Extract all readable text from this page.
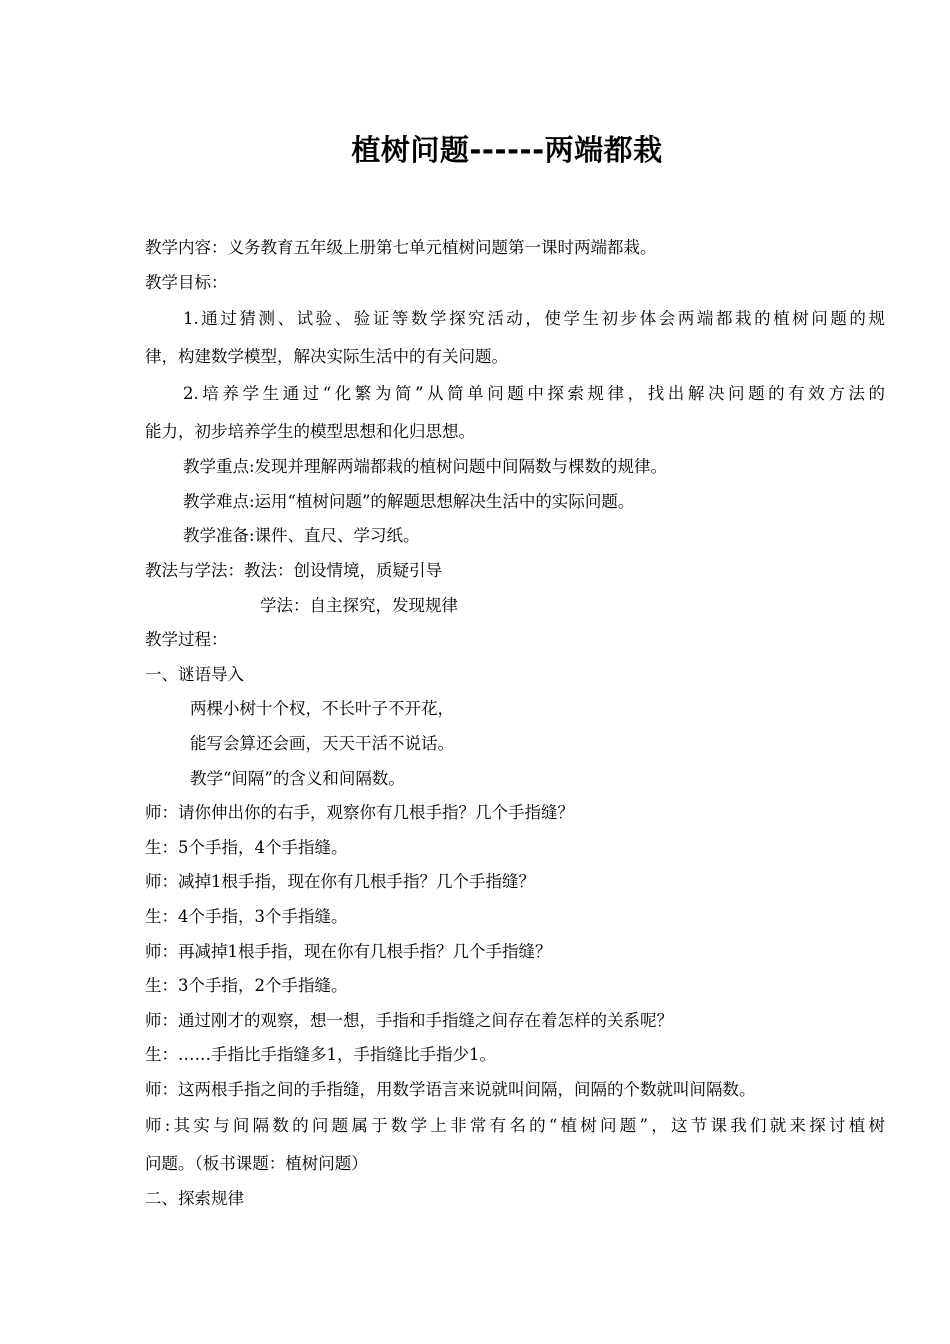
植树问题------两端都栽
教学内容：义务教育五年级上册第七单元植树问题第一课时两端都栽。
教学目标：
1.通过猜测、试验、验证等数学探究活动，使学生初步体会两端都栽的植树问题的规
律，构建数学模型，解决实际生活中的有关问题。
2.培养学生通过“化繁为简”从简单问题中探索规律，找出解决问题的有效方法的
能力，初步培养学生的模型思想和化归思想。
教学重点:发现并理解两端都栽的植树问题中间隔数与棵数的规律。
教学难点:运用“植树问题”的解题思想解决生活中的实际问题。
教学准备:课件、直尺、学习纸。
教法与学法：教法：创设情境，质疑引导
学法：自主探究，发现规律
教学过程：
一、谜语导入
两棵小树十个杈，不长叶子不开花，
能写会算还会画，天天干活不说话。
教学“间隔”的含义和间隔数。
师：请你伸出你的右手，观察你有几根手指？几个手指缝？
生：5个手指，4个手指缝。
师：减掉1根手指，现在你有几根手指？几个手指缝？
生：4个手指，3个手指缝。
师：再减掉1根手指，现在你有几根手指？几个手指缝？
生：3个手指，2个手指缝。
师：通过刚才的观察，想一想，手指和手指缝之间存在着怎样的关系呢？
生：……手指比手指缝多1，手指缝比手指少1。
师：这两根手指之间的手指缝，用数学语言来说就叫间隔，间隔的个数就叫间隔数。
师:其实与间隔数的问题属于数学上非常有名的“植树问题”，这节课我们就来探讨植树
问题。（板书课题：植树问题）
二、探索规律
